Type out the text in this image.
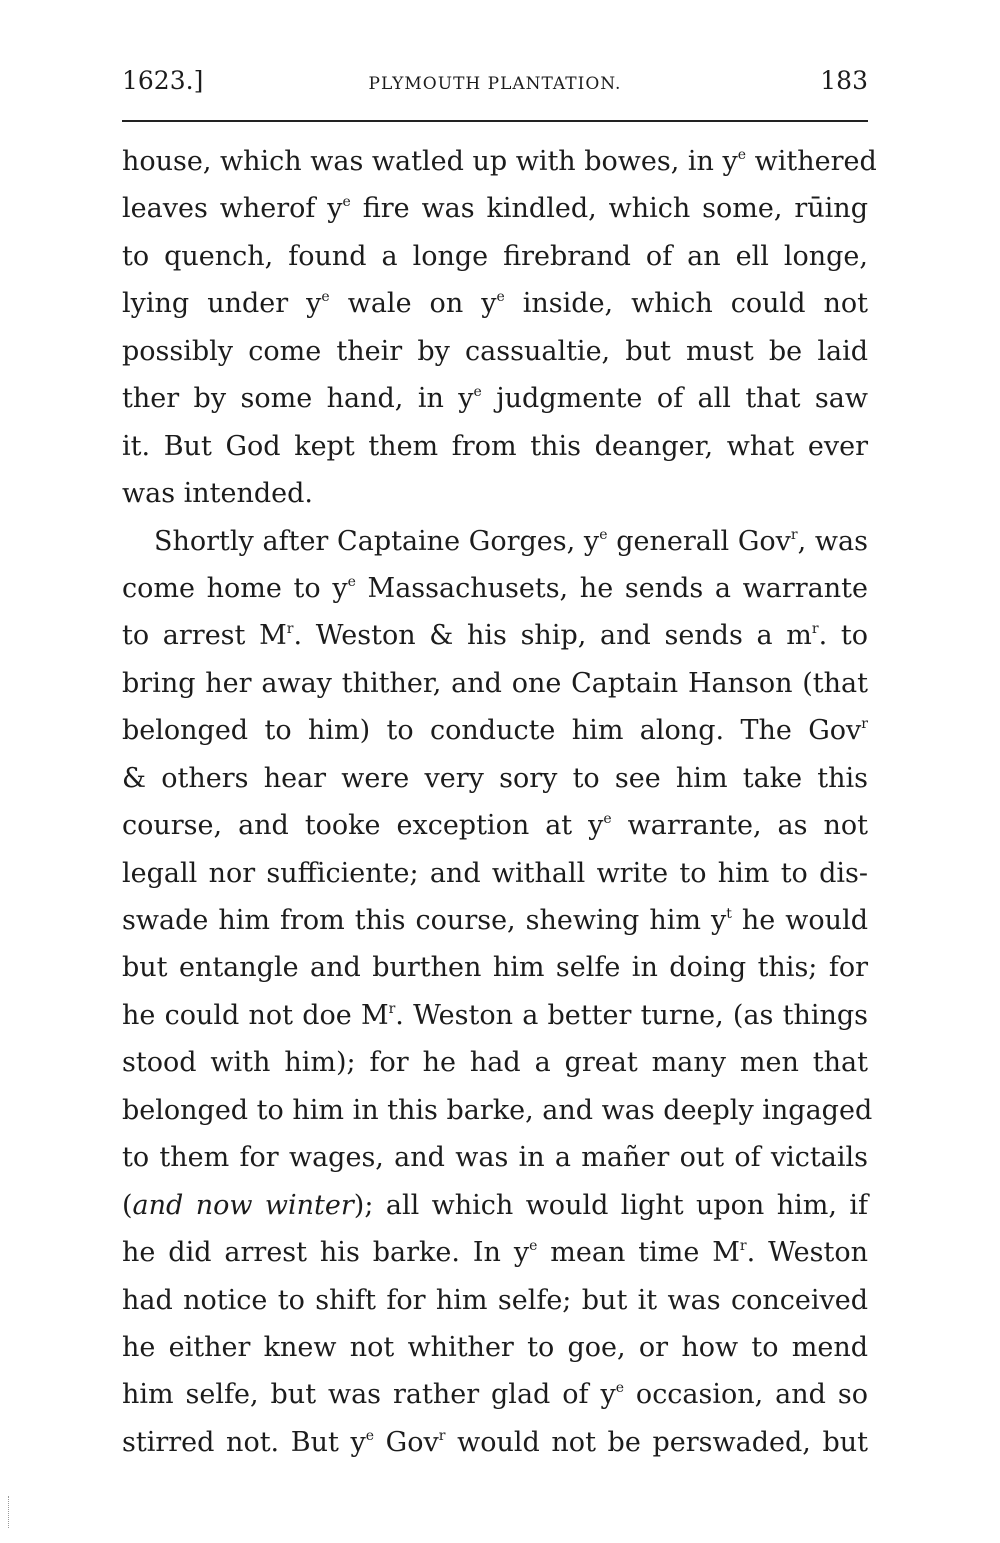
1623.]	PLYMOUTH PLANTATION.	183
house, which was watled up with bowes, in $y^e$ withered
leaves wherof $y^e$ fire was kindled, which some, rūing
to quench, found a longe firebrand of an ell longe,
lying under $y^e$ wale on $y^e$ inside, which could not
possibly come their by cassualtie, but must be laid
ther by some hand, in $y^e$ judgmente of all that saw
it. But God kept them from this deanger, what ever
was intended.
Shortly after Captaine Gorges, $y^e$ generall Gov$^r$, was
come home to $y^e$ Massachusets, he sends a warrante
to arrest $M^r$. Weston & his ship, and sends a $m^r$. to
bring her away thither, and one Captain Hanson (that
belonged to him) to conducte him along. The Gov$^r$
& others hear were very sory to see him take this
course, and tooke exception at $y^e$ warrante, as not
legall nor sufficiente; and withall write to him to dis-
swade him from this course, shewing him $y^t$ he would
but entangle and burthen him selfe in doing this; for
he could not doe $M^r$. Weston a better turne, (as things
stood with him); for he had a great many men that
belonged to him in this barke, and was deeply ingaged
to them for wages, and was in a mañer out of victails
(and now winter); all which would light upon him, if
he did arrest his barke. In $y^e$ mean time $M^r$. Weston
had notice to shift for him selfe; but it was conceived
he either knew not whither to goe, or how to mend
him selfe, but was rather glad of $y^e$ occasion, and so
stirred not. But $y^e$ Gov$^r$ would not be perswaded, but
